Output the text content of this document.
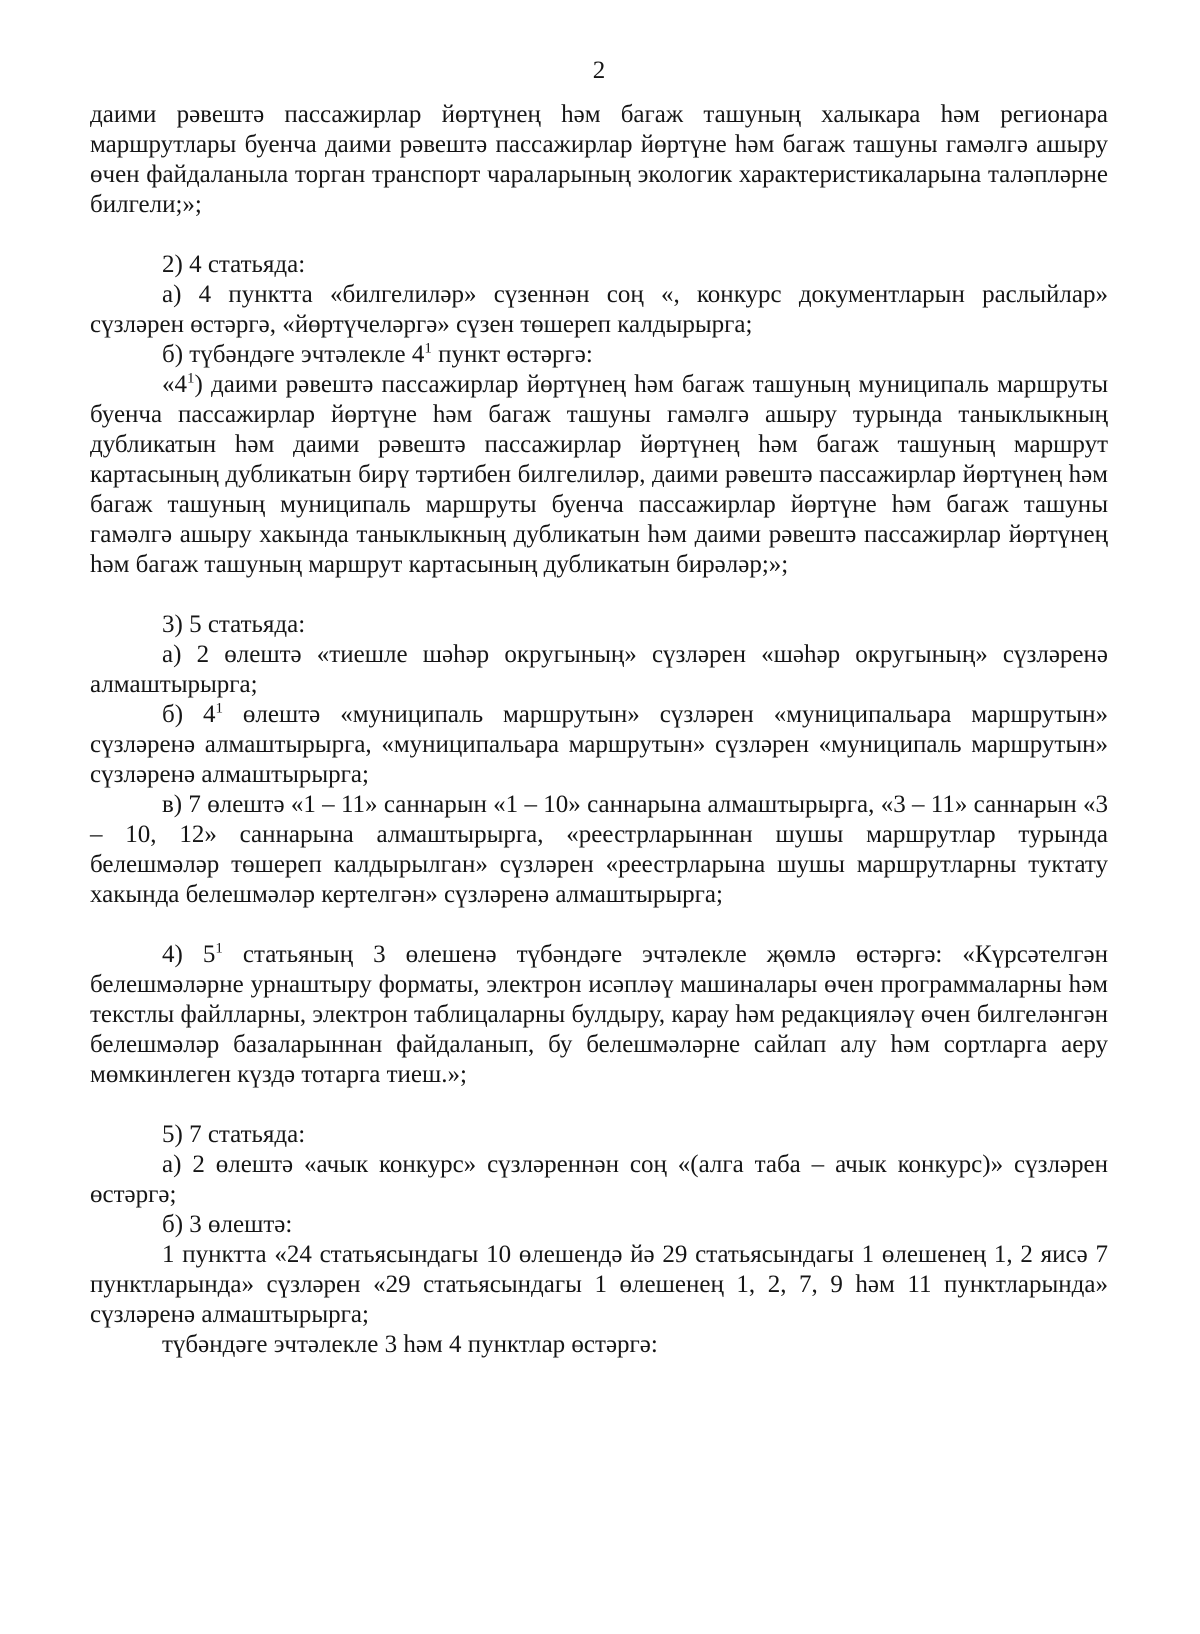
2

даими рәвештә пассажирлар йөртүнең һәм багаж ташуның халыкара һәм регионара маршрутлары буенча даими рәвештә пассажирлар йөртүне һәм багаж ташуны гамәлгә ашыру өчен файдаланыла торган транспорт чараларының экологик характеристикаларына таләпләрне билгели;»;

2) 4 статьяда:

а) 4 пунктта «билгелиләр» сүзеннән соң «, конкурс документларын раслыйлар» сүзләрен өстәргә, «йөртүчеләргә» сүзен төшереп калдырырга;

б) түбәндәге эчтәлекле $4^1$ пункт өстәргә:

«$4^1$) даими рәвештә пассажирлар йөртүнең һәм багаж ташуның муниципаль маршруты буенча пассажирлар йөртүне һәм багаж ташуны гамәлгә ашыру турында таныклыкның дубликатын һәм даими рәвештә пассажирлар йөртүнең һәм багаж ташуның маршрут картасының дубликатын бирү тәртибен билгелиләр, даими рәвештә пассажирлар йөртүнең һәм багаж ташуның муниципаль маршруты буенча пассажирлар йөртүне һәм багаж ташуны гамәлгә ашыру хакында таныклыкның дубликатын һәм даими рәвештә пассажирлар йөртүнең һәм багаж ташуның маршрут картасының дубликатын бирәләр;»;

3) 5 статьяда:

а) 2 өлештә «тиешле шәһәр округының» сүзләрен «шәһәр округының» сүзләренә алмаштырырга;

б) $4^1$ өлештә «муниципаль маршрутын» сүзләрен «муниципальара маршрутын» сүзләренә алмаштырырга, «муниципальара маршрутын» сүзләрен «муниципаль маршрутын» сүзләренә алмаштырырга;

в) 7 өлештә «1 – 11» саннарын «1 – 10» саннарына алмаштырырга, «3 – 11» саннарын «3 – 10, 12» саннарына алмаштырырга, «реестрларыннан шушы маршрутлар турында белешмәләр төшереп калдырылган» сүзләрен «реестрларына шушы маршрутларны туктату хакында белешмәләр кертелгән» сүзләренә алмаштырырга;

4) $5^1$ статьяның 3 өлешенә түбәндәге эчтәлекле җөмлә өстәргә: «Күрсәтелгән белешмәләрне урнаштыру форматы, электрон исәпләү машиналары өчен программаларны һәм текстлы файлларны, электрон таблицаларны булдыру, карау һәм редакцияләү өчен билгеләнгән белешмәләр базаларыннан файдаланып, бу белешмәләрне сайлап алу һәм сортларга аеру мөмкинлеген күздә тотарга тиеш.»;

5) 7 статьяда:

а) 2 өлештә «ачык конкурс» сүзләреннән соң «(алга таба – ачык конкурс)» сүзләрен өстәргә;

б) 3 өлештә:

1 пунктта «24 статьясындагы 10 өлешендә йә 29 статьясындагы 1 өлешенең 1, 2 яисә 7 пунктларында» сүзләрен «29 статьясындагы 1 өлешенең 1, 2, 7, 9 һәм 11 пунктларында» сүзләренә алмаштырырга;

түбәндәге эчтәлекле 3 һәм 4 пунктлар өстәргә:
